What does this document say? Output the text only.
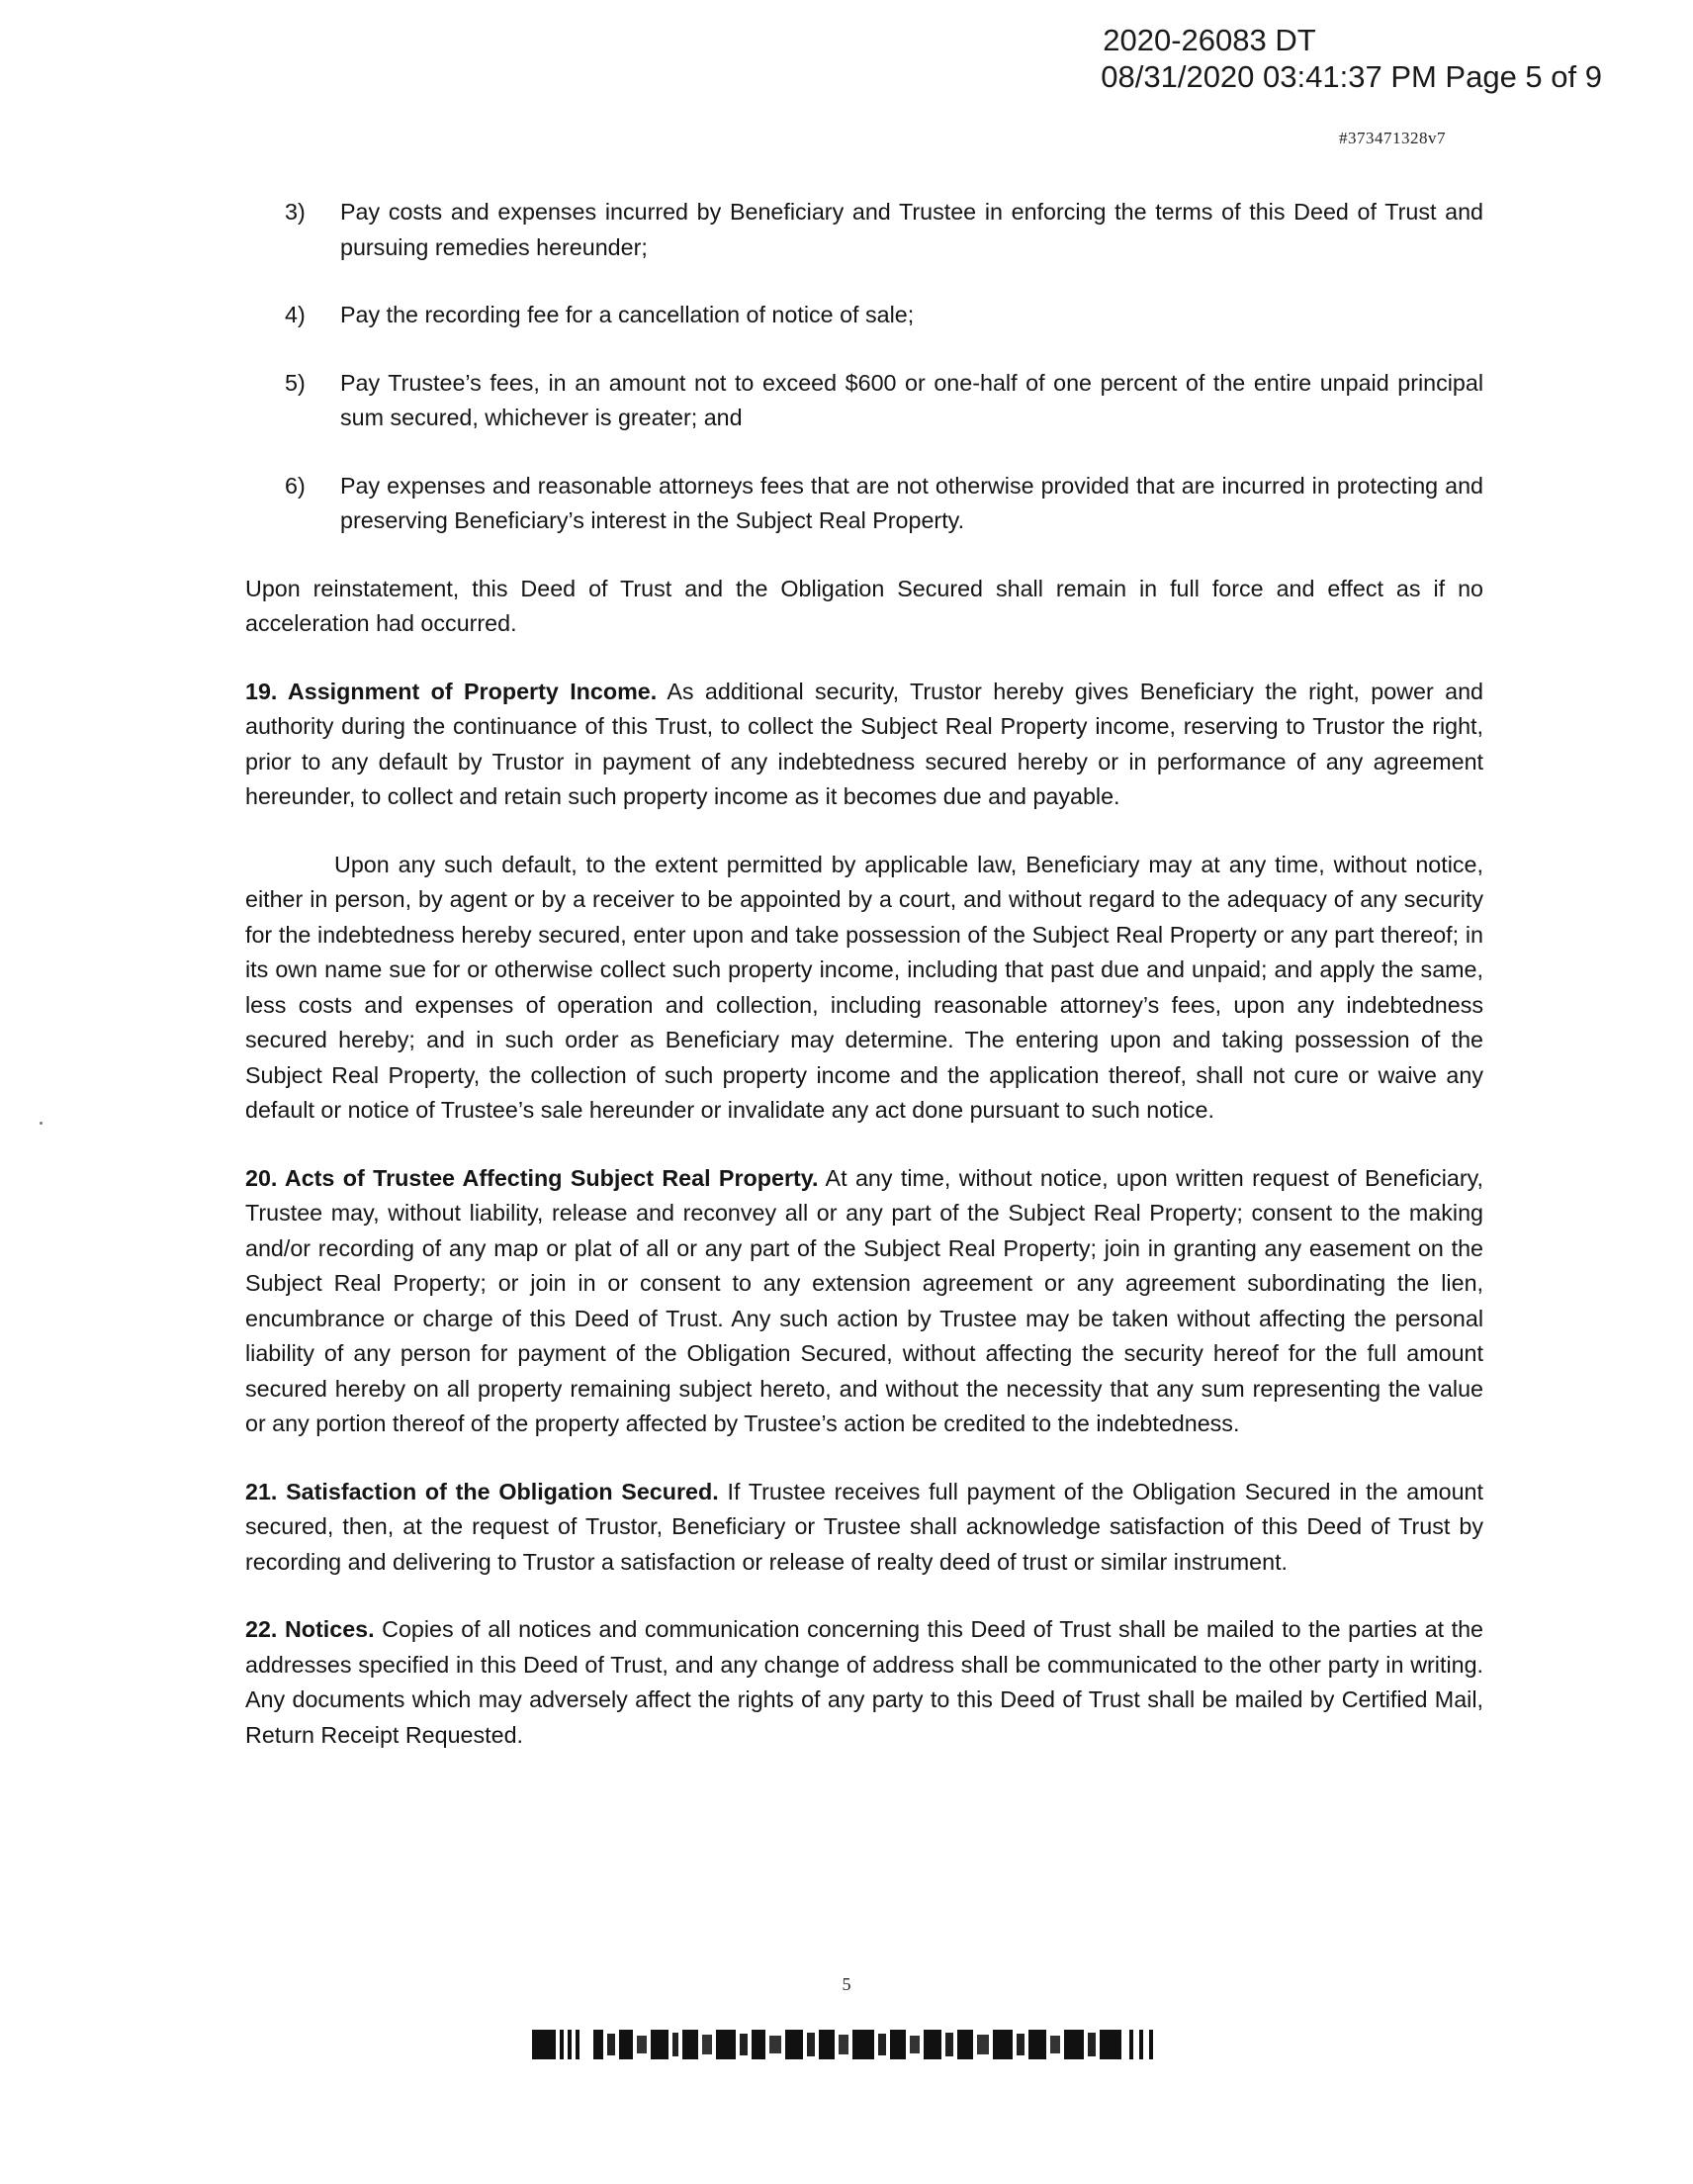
2020-26083 DT
08/31/2020 03:41:37 PM Page 5 of 9
#373471328v7
3)	Pay costs and expenses incurred by Beneficiary and Trustee in enforcing the terms of this Deed of Trust and pursuing remedies hereunder;
4)	Pay the recording fee for a cancellation of notice of sale;
5)	Pay Trustee’s fees, in an amount not to exceed $600 or one-half of one percent of the entire unpaid principal sum secured, whichever is greater; and
6)	Pay expenses and reasonable attorneys fees that are not otherwise provided that are incurred in protecting and preserving Beneficiary’s interest in the Subject Real Property.

Upon reinstatement, this Deed of Trust and the Obligation Secured shall remain in full force and effect as if no acceleration had occurred.

19. Assignment of Property Income. As additional security, Trustor hereby gives Beneficiary the right, power and authority during the continuance of this Trust, to collect the Subject Real Property income, reserving to Trustor the right, prior to any default by Trustor in payment of any indebtedness secured hereby or in performance of any agreement hereunder, to collect and retain such property income as it becomes due and payable.

Upon any such default, to the extent permitted by applicable law, Beneficiary may at any time, without notice, either in person, by agent or by a receiver to be appointed by a court, and without regard to the adequacy of any security for the indebtedness hereby secured, enter upon and take possession of the Subject Real Property or any part thereof; in its own name sue for or otherwise collect such property income, including that past due and unpaid; and apply the same, less costs and expenses of operation and collection, including reasonable attorney’s fees, upon any indebtedness secured hereby; and in such order as Beneficiary may determine. The entering upon and taking possession of the Subject Real Property, the collection of such property income and the application thereof, shall not cure or waive any default or notice of Trustee’s sale hereunder or invalidate any act done pursuant to such notice.

20. Acts of Trustee Affecting Subject Real Property. At any time, without notice, upon written request of Beneficiary, Trustee may, without liability, release and reconvey all or any part of the Subject Real Property; consent to the making and/or recording of any map or plat of all or any part of the Subject Real Property; join in granting any easement on the Subject Real Property; or join in or consent to any extension agreement or any agreement subordinating the lien, encumbrance or charge of this Deed of Trust. Any such action by Trustee may be taken without affecting the personal liability of any person for payment of the Obligation Secured, without affecting the security hereof for the full amount secured hereby on all property remaining subject hereto, and without the necessity that any sum representing the value or any portion thereof of the property affected by Trustee’s action be credited to the indebtedness.

21. Satisfaction of the Obligation Secured. If Trustee receives full payment of the Obligation Secured in the amount secured, then, at the request of Trustor, Beneficiary or Trustee shall acknowledge satisfaction of this Deed of Trust by recording and delivering to Trustor a satisfaction or release of realty deed of trust or similar instrument.

22. Notices. Copies of all notices and communication concerning this Deed of Trust shall be mailed to the parties at the addresses specified in this Deed of Trust, and any change of address shall be communicated to the other party in writing. Any documents which may adversely affect the rights of any party to this Deed of Trust shall be mailed by Certified Mail, Return Receipt Requested.

5
